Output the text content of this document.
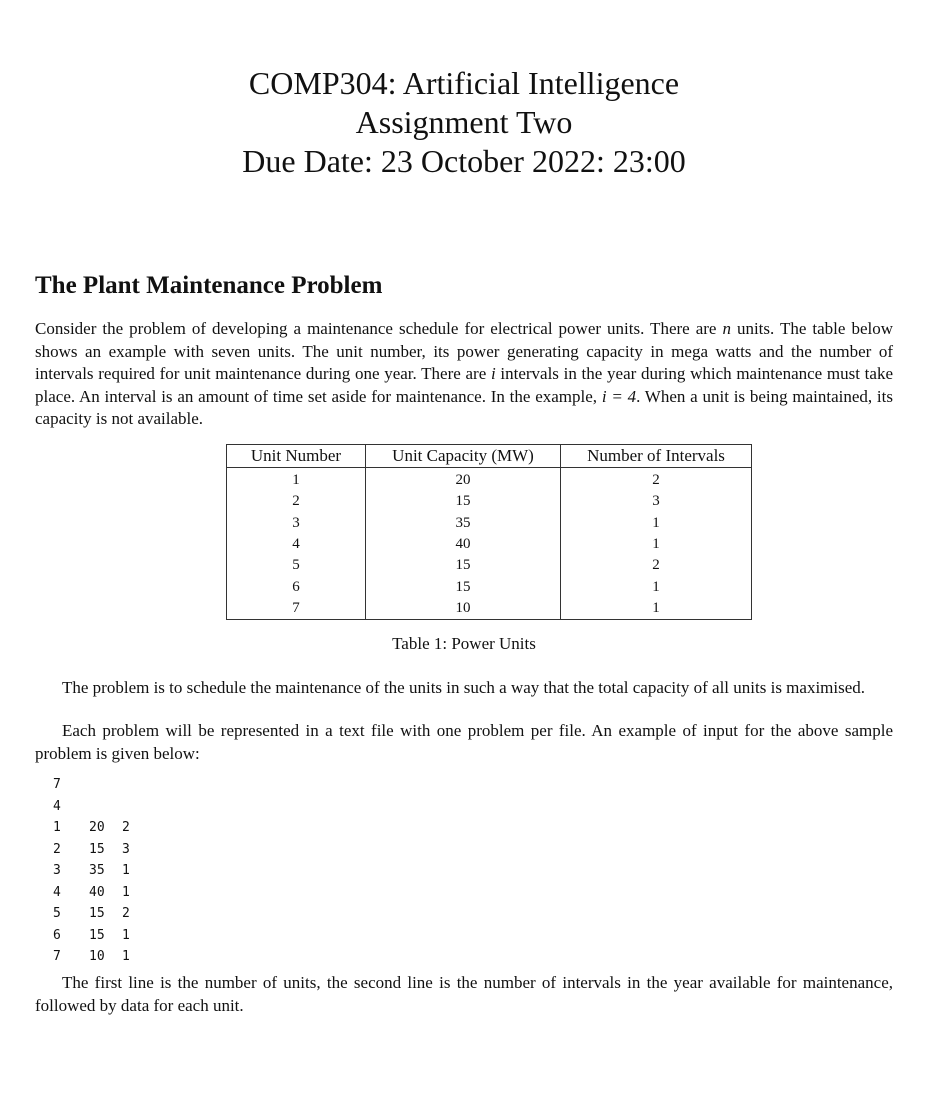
COMP304: Artificial Intelligence
Assignment Two
Due Date: 23 October 2022: 23:00
The Plant Maintenance Problem

Consider the problem of developing a maintenance schedule for electrical power units. There are n units. The table below shows an example with seven units. The unit number, its power generating capacity in mega watts and the number of intervals required for unit maintenance during one year. There are i intervals in the year during which maintenance must take place. An interval is an amount of time set aside for maintenance. In the example, i = 4. When a unit is being maintained, its capacity is not available.

Unit Number	Unit Capacity (MW)	Number of Intervals
1	20	2
2	15	3
3	35	1
4	40	1
5	15	2
6	15	1
7	10	1
Table 1: Power Units

The problem is to schedule the maintenance of the units in such a way that the total capacity of all units is maximised.

Each problem will be represented in a text file with one problem per file. An example of input for the above sample problem is given below:

7
4
1 20 2
2 15 3
3 35 1
4 40 1
5 15 2
6 15 1
7 10 1

The first line is the number of units, the second line is the number of intervals in the year available for maintenance, followed by data for each unit.
